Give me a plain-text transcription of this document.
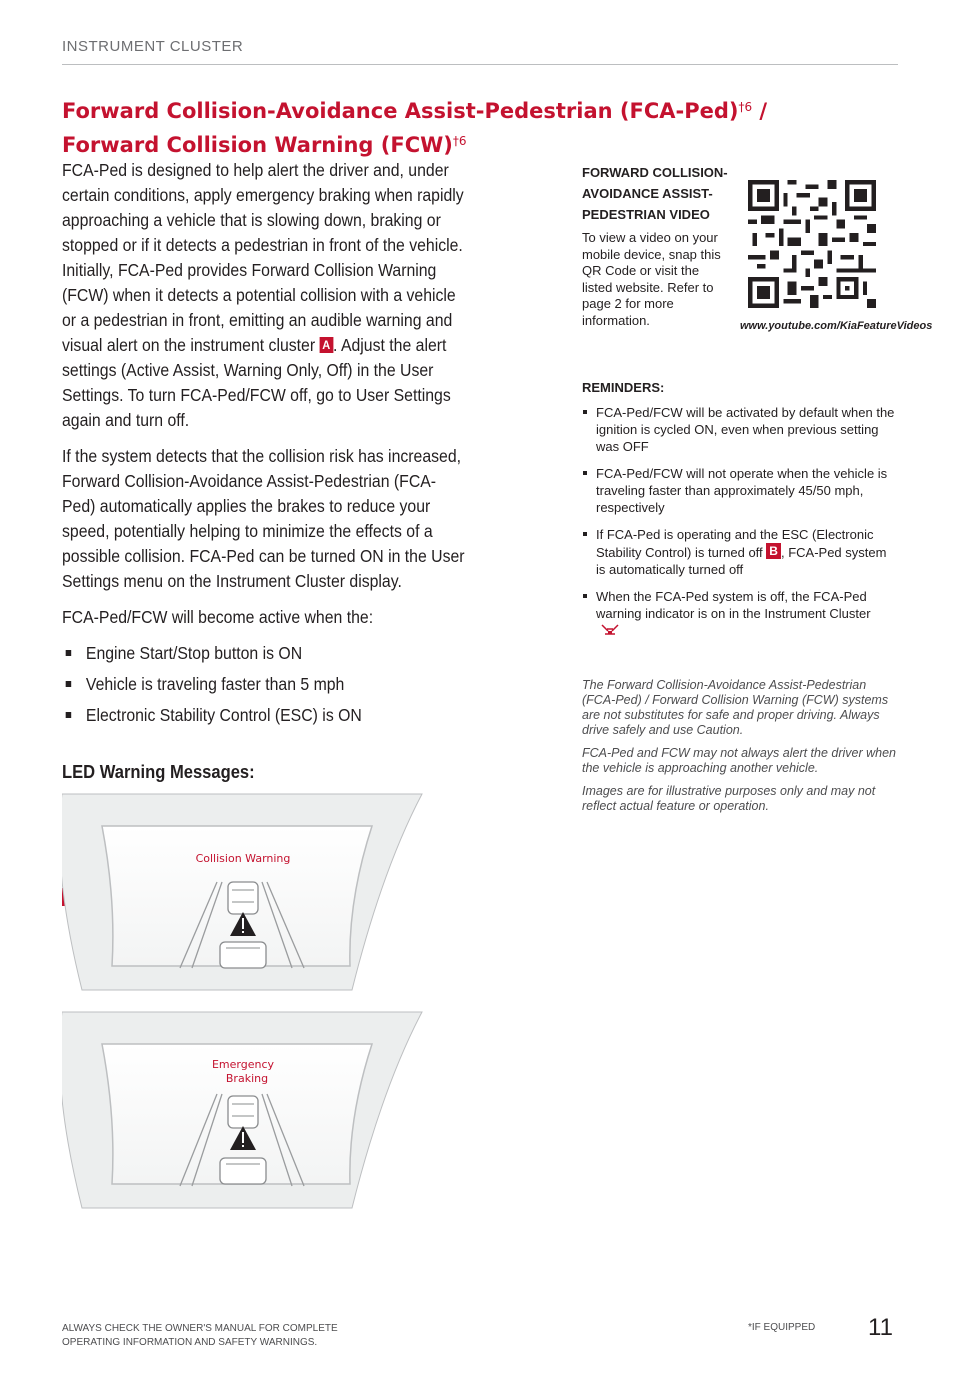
INSTRUMENT CLUSTER
Forward Collision-Avoidance Assist-Pedestrian $(FCA-Ped)^{\dagger 6}$ /
Forward Collision Warning (FCW)$^{\dagger 6}$

FCA-Ped is designed to help alert the driver and, under certain conditions, apply emergency braking when rapidly approaching a vehicle that is slowing down, braking or stopped or if it detects a pedestrian in front of the vehicle. Initially, FCA-Ped provides Forward Collision Warning (FCW) when it detects a potential collision with a vehicle or a pedestrian in front, emitting an audible warning and visual alert on the instrument cluster A . Adjust the alert settings (Active Assist, Warning Only, Off) in the User Settings. To turn FCA-Ped/FCW off, go to User Settings again and turn off.

If the system detects that the collision risk has increased, Forward Collision-Avoidance Assist-Pedestrian (FCA-Ped) automatically applies the brakes to reduce your speed, potentially helping to minimize the effects of a possible collision. FCA-Ped can be turned ON in the User Settings menu on the Instrument Cluster display.

FCA-Ped/FCW will become active when the:

Engine Start/Stop button is ON
Vehicle is traveling faster than 5 mph
Electronic Stability Control (ESC) is ON
LED Warning Messages:
FORWARD COLLISION-AVOIDANCE ASSIST-PEDESTRIAN VIDEO
To view a video on your mobile device, snap this QR Code or visit the listed website. Refer to page 2 for more information.	www.youtube.com/KiaFeatureVideos
REMINDERS:
FCA-Ped/FCW will be activated by default when the ignition is cycled ON, even when previous setting was OFF
FCA-Ped/FCW will not operate when the vehicle is traveling faster than approximately 45/50 mph, respectively
If FCA-Ped is operating and the ESC (Electronic Stability Control) is turned off B , FCA-Ped system is automatically turned off
When the FCA-Ped system is off, the FCA-Ped warning indicator is on in the Instrument Cluster

The Forward Collision-Avoidance Assist-Pedestrian (FCA-Ped) / Forward Collision Warning (FCW) systems are not substitutes for safe and proper driving. Always drive safely and use Caution.

FCA-Ped and FCW may not always alert the driver when the vehicle is approaching another vehicle.

Images are for illustrative purposes only and may not reflect actual feature or operation.

Collision Warning
Emergency
Braking
ALWAYS CHECK THE OWNER'S MANUAL FOR COMPLETE
OPERATING INFORMATION AND SAFETY WARNINGS.
*IF EQUIPPED 11
